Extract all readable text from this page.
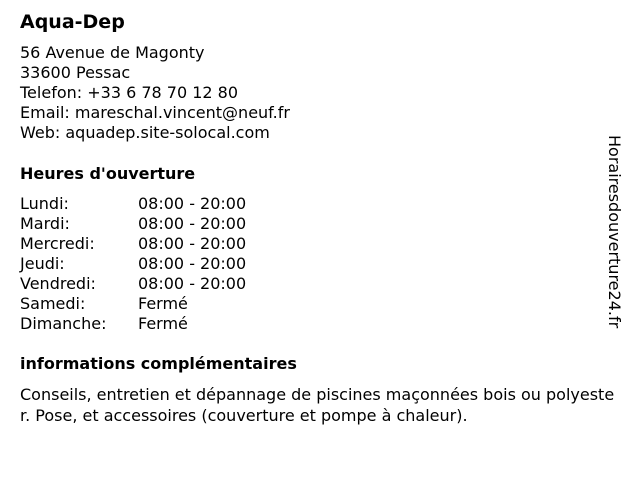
Aqua-Dep
56 Avenue de Magonty
33600 Pessac
Telefon: +33 6 78 70 12 80
Email: mareschal.vincent@neuf.fr
Web: aquadep.site-solocal.com
Heures d'ouverture
Lundi:	08:00 - 20:00
Mardi:	08:00 - 20:00
Mercredi:	08:00 - 20:00
Jeudi:	08:00 - 20:00
Vendredi:	08:00 - 20:00
Samedi:	Fermé
Dimanche:	Fermé
informations complémentaires
Conseils, entretien et dépannage de piscines maçonnées bois ou polyester. Pose, et accessoires (couverture et pompe à chaleur).
Horairesdouverture24.fr
